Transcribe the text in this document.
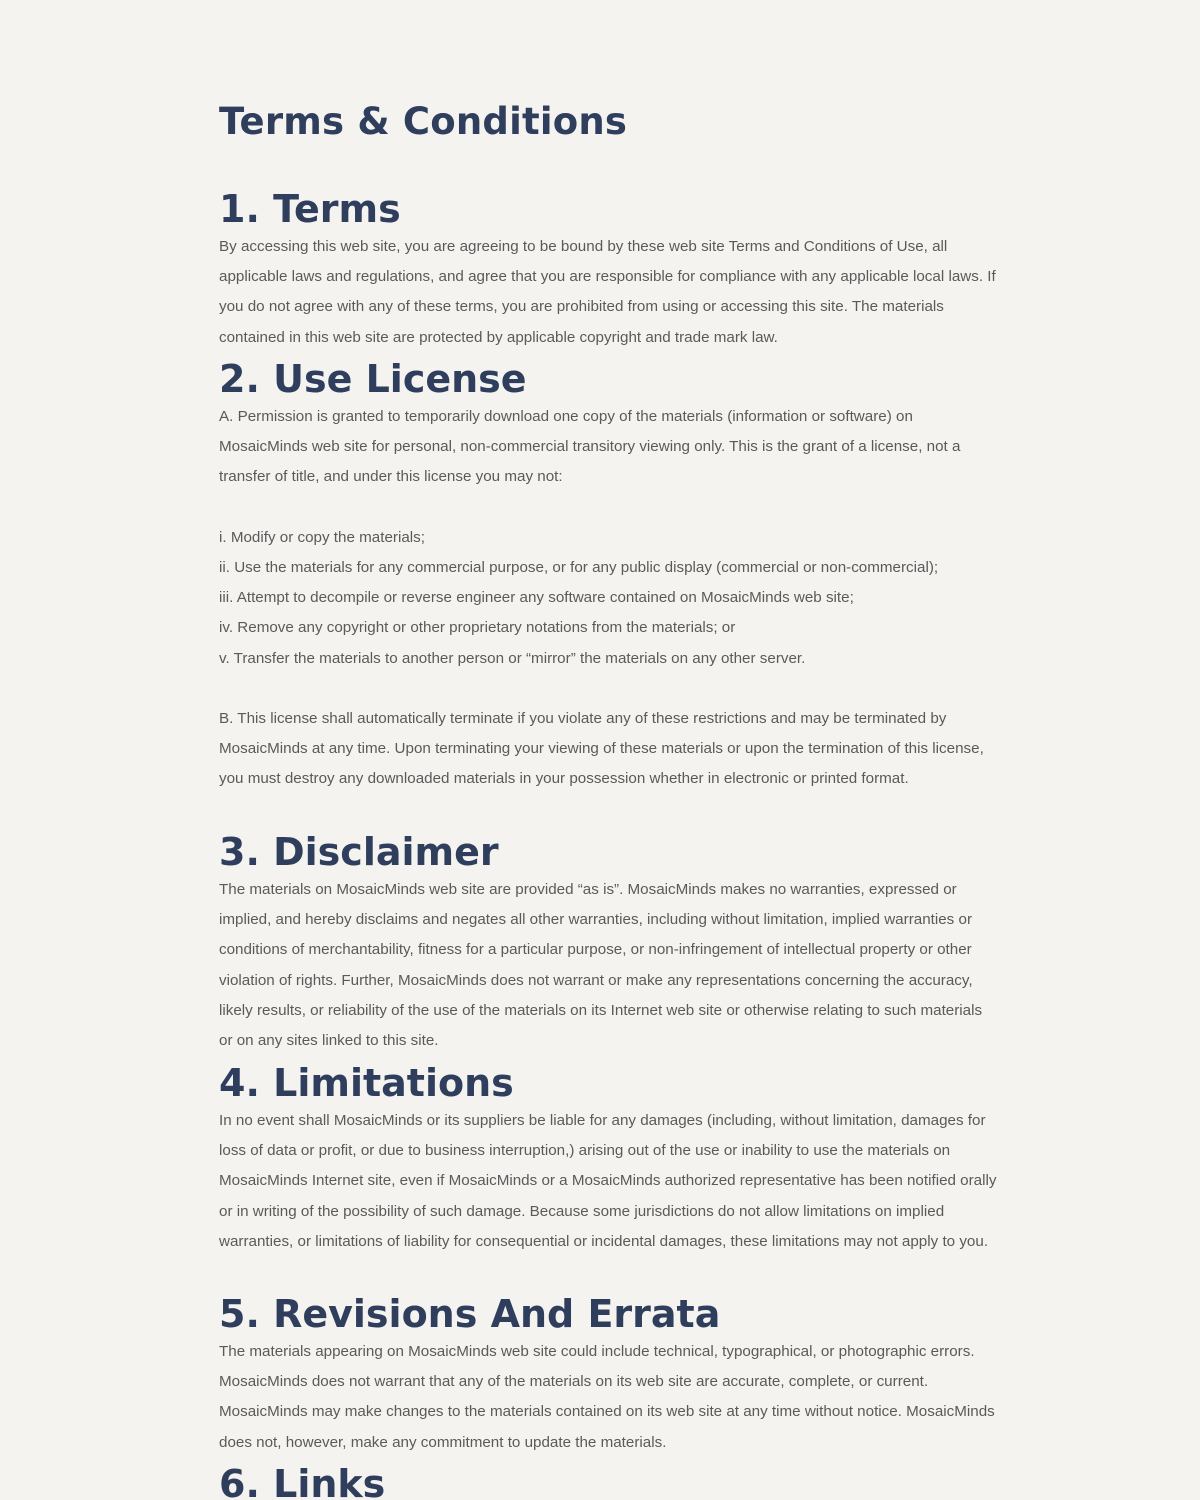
Terms & Conditions
1. Terms

By accessing this web site, you are agreeing to be bound by these web site Terms and Conditions of Use, all applicable laws and regulations, and agree that you are responsible for compliance with any applicable local laws. If you do not agree with any of these terms, you are prohibited from using or accessing this site. The materials contained in this web site are protected by applicable copyright and trade mark law.

2. Use License

A. Permission is granted to temporarily download one copy of the materials (information or software) on MosaicMinds web site for personal, non-commercial transitory viewing only. This is the grant of a license, not a transfer of title, and under this license you may not:

i. Modify or copy the materials;

ii. Use the materials for any commercial purpose, or for any public display (commercial or non-commercial);

iii. Attempt to decompile or reverse engineer any software contained on MosaicMinds web site;

iv. Remove any copyright or other proprietary notations from the materials; or

v. Transfer the materials to another person or “mirror” the materials on any other server.

B. This license shall automatically terminate if you violate any of these restrictions and may be terminated by MosaicMinds at any time. Upon terminating your viewing of these materials or upon the termination of this license, you must destroy any downloaded materials in your possession whether in electronic or printed format.

3. Disclaimer

The materials on MosaicMinds web site are provided “as is”. MosaicMinds makes no warranties, expressed or implied, and hereby disclaims and negates all other warranties, including without limitation, implied warranties or conditions of merchantability, fitness for a particular purpose, or non-infringement of intellectual property or other violation of rights. Further, MosaicMinds does not warrant or make any representations concerning the accuracy, likely results, or reliability of the use of the materials on its Internet web site or otherwise relating to such materials or on any sites linked to this site.

4. Limitations

In no event shall MosaicMinds or its suppliers be liable for any damages (including, without limitation, damages for loss of data or profit, or due to business interruption,) arising out of the use or inability to use the materials on MosaicMinds Internet site, even if MosaicMinds or a MosaicMinds authorized representative has been notified orally or in writing of the possibility of such damage. Because some jurisdictions do not allow limitations on implied warranties, or limitations of liability for consequential or incidental damages, these limitations may not apply to you.

5. Revisions And Errata

The materials appearing on MosaicMinds web site could include technical, typographical, or photographic errors. MosaicMinds does not warrant that any of the materials on its web site are accurate, complete, or current. MosaicMinds may make changes to the materials contained on its web site at any time without notice. MosaicMinds does not, however, make any commitment to update the materials.

6. Links
